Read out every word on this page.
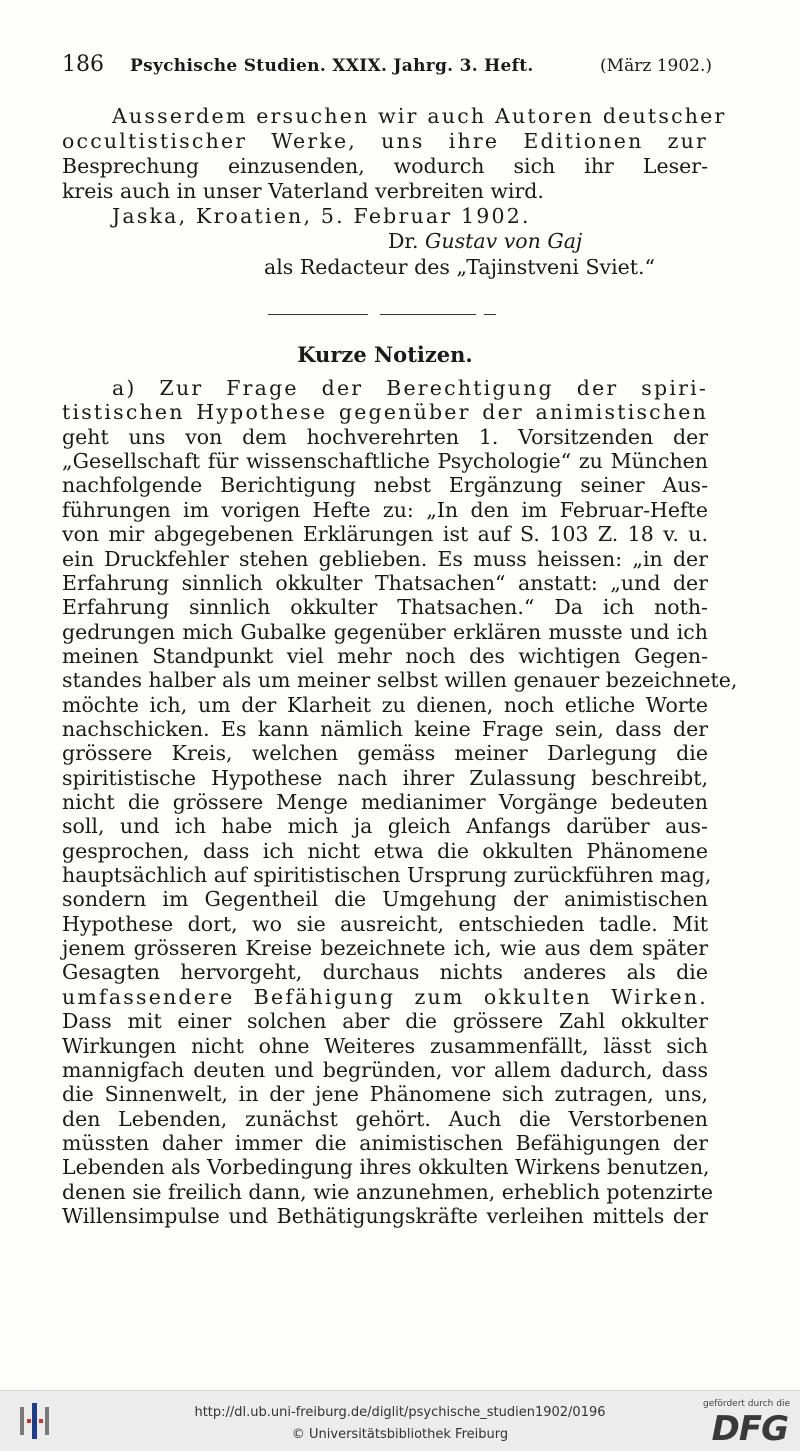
186 Psychische Studien. XXIX. Jahrg. 3. Heft.	(März 1902.)
Ausserdem ersuchen wir auch Autoren deutscher
occultistischer Werke, uns ihre Editionen zur
Besprechung einzusenden, wodurch sich ihr Leser-
kreis auch in unser Vaterland verbreiten wird.
Jaska, Kroatien, 5. Februar 1902.
Dr. Gustav von Gaj
als Redacteur des „Tajinstveni Sviet.“
Kurze Notizen.
a) Zur Frage der Berechtigung der spiri-
tistischen Hypothese gegenüber der animistischen
geht uns von dem hochverehrten 1. Vorsitzenden der
„Gesellschaft für wissenschaftliche Psychologie“ zu München
nachfolgende Berichtigung nebst Ergänzung seiner Aus-
führungen im vorigen Hefte zu: „In den im Februar-Hefte
von mir abgegebenen Erklärungen ist auf S. 103 Z. 18 v. u.
ein Druckfehler stehen geblieben. Es muss heissen: „in der
Erfahrung sinnlich okkulter Thatsachen“ anstatt: „und der
Erfahrung sinnlich okkulter Thatsachen.“ Da ich noth-
gedrungen mich Gubalke gegenüber erklären musste und ich
meinen Standpunkt viel mehr noch des wichtigen Gegen-
standes halber als um meiner selbst willen genauer bezeichnete,
möchte ich, um der Klarheit zu dienen, noch etliche Worte
nachschicken. Es kann nämlich keine Frage sein, dass der
grössere Kreis, welchen gemäss meiner Darlegung die
spiritistische Hypothese nach ihrer Zulassung beschreibt,
nicht die grössere Menge medianimer Vorgänge bedeuten
soll, und ich habe mich ja gleich Anfangs darüber aus-
gesprochen, dass ich nicht etwa die okkulten Phänomene
hauptsächlich auf spiritistischen Ursprung zurückführen mag,
sondern im Gegentheil die Umgehung der animistischen
Hypothese dort, wo sie ausreicht, entschieden tadle. Mit
jenem grösseren Kreise bezeichnete ich, wie aus dem später
Gesagten hervorgeht, durchaus nichts anderes als die
umfassendere Befähigung zum okkulten Wirken.
Dass mit einer solchen aber die grössere Zahl okkulter
Wirkungen nicht ohne Weiteres zusammenfällt, lässt sich
mannigfach deuten und begründen, vor allem dadurch, dass
die Sinnenwelt, in der jene Phänomene sich zutragen, uns,
den Lebenden, zunächst gehört. Auch die Verstorbenen
müssten daher immer die animistischen Befähigungen der
Lebenden als Vorbedingung ihres okkulten Wirkens benutzen,
denen sie freilich dann, wie anzunehmen, erheblich potenzirte
Willensimpulse und Bethätigungskräfte verleihen mittels der
http://dl.ub.uni-freiburg.de/diglit/psychische_studien1902/0196
© Universitätsbibliothek Freiburg
gefördert durch die
DFG
